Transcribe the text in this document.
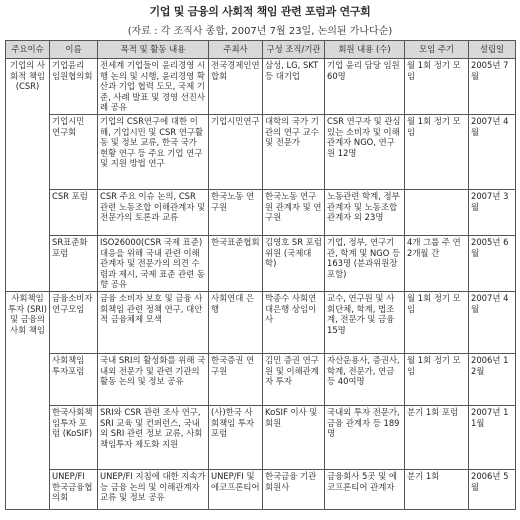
기업 및 금융의 사회적 책임 관련 포럼과 연구회
(자료 : 각 조직사 종합, 2007년 7월 23일, 논의된 가나다순)
주요이슈	이름	목적 및 활동 내용	주최사	구성 조직/기관	회원 내용 (수)	모임 주기	설립일
기업의 사회적 책임 (CSR)	기업윤리 임원협의회	전세계 기업들이 윤리경영 시행 논의 및 시행, 윤리경영 확산과 기업 협력 도모, 국제 기준, 사례 발표 및 경영 선진사례 공유	전국경제인연합회	삼성, LG, SKT 등 대기업	기업 윤리 담당 임원 60명	월 1회 정기 모임	2005년 7월
	기업시민 연구회	기업의 CSR연구에 대한 이해, 기업시민 및 CSR 연구활동 및 정보 교류, 한국 국가 현황 연구 등 주요 기업 연구 및 지원 방법 연구	기업시민연구	대학의 국가 기관의 연구 교수 및 전문가	CSR 연구자 및 관심 있는 소비자 및 이해관계자 NGO, 연구원 12명	월 1회 정기 모임	2007년 4월
	CSR 포럼	CSR 주요 이슈 논의, CSR 관련 노동조합 이해관계자 및 전문가의 토론과 교류	한국노동 연구원	한국노동 연구원 관계자 및 연구원	노동관련 학계, 정부 관계자 및 노동조합 관계자 외 23명		2007년 3월
	SR표준화포럼	ISO26000(CSR 국제 표준) 대응을 위해 국내 관련 이해관계자 및 전문가의 의견 수렴과 제시, 국제 표준 관련 동향 공유	한국표준협회	김영호 SR 포럼 위원 (국제대 학)	기업, 정부, 연구기관, 학계 및 NGO 등 163명 (분과위원장 포함)	4개 그룹 주 연 2개월 간	2005년 6월
사회책임 투자 (SRI) 및 금융의 사회 책임	금융소비자 연구모임	금융 소비자 보호 및 금융 사회책임 관련 정책 연구, 대안적 금융체제 모색	사회연대 은행	박종수 사회연대은행 상임이사	교수, 연구원 및 사회단체, 학계, 법조계, 전문가 및 금융 15명	월 1회 정기 모임	2007년 4월
	사회책임 투자포럼	국내 SRI의 활성화를 위해 국내외 전문가 및 관련 기관의 활동 논의 및 정보 공유	한국증권 연구원	김민 증권 연구원 및 이해관계자 투자	자산운용사, 증권사, 학계, 전문가, 연금 등 40여명	월 1회 정기 모임	2006년 12월
	한국사회책임투자 포럼 (KoSIF)	SRI와 CSR 관련 조사 연구, SRI 교육 및 컨퍼런스, 국내외 SRI 관련 정보 교류, 사회책임투자 제도화 지원	(사)한국 사회책임 투자포럼	KoSIF 이사 및 회원	국내외 투자 전문가, 금융 관계자 등 189명	분기 1회 포럼	2007년 11월
	UNEP/FI 한국금융협의회	UNEP/FI 지침에 대한 지속가능 금융 논의 및 이해관계자 교류 및 정보 공유	UNEP/FI 및 에코프론티어	한국금융 기관 회원사	금융회사 5곳 및 에코프론티어 관계자	분기 1회	2006년 5월
